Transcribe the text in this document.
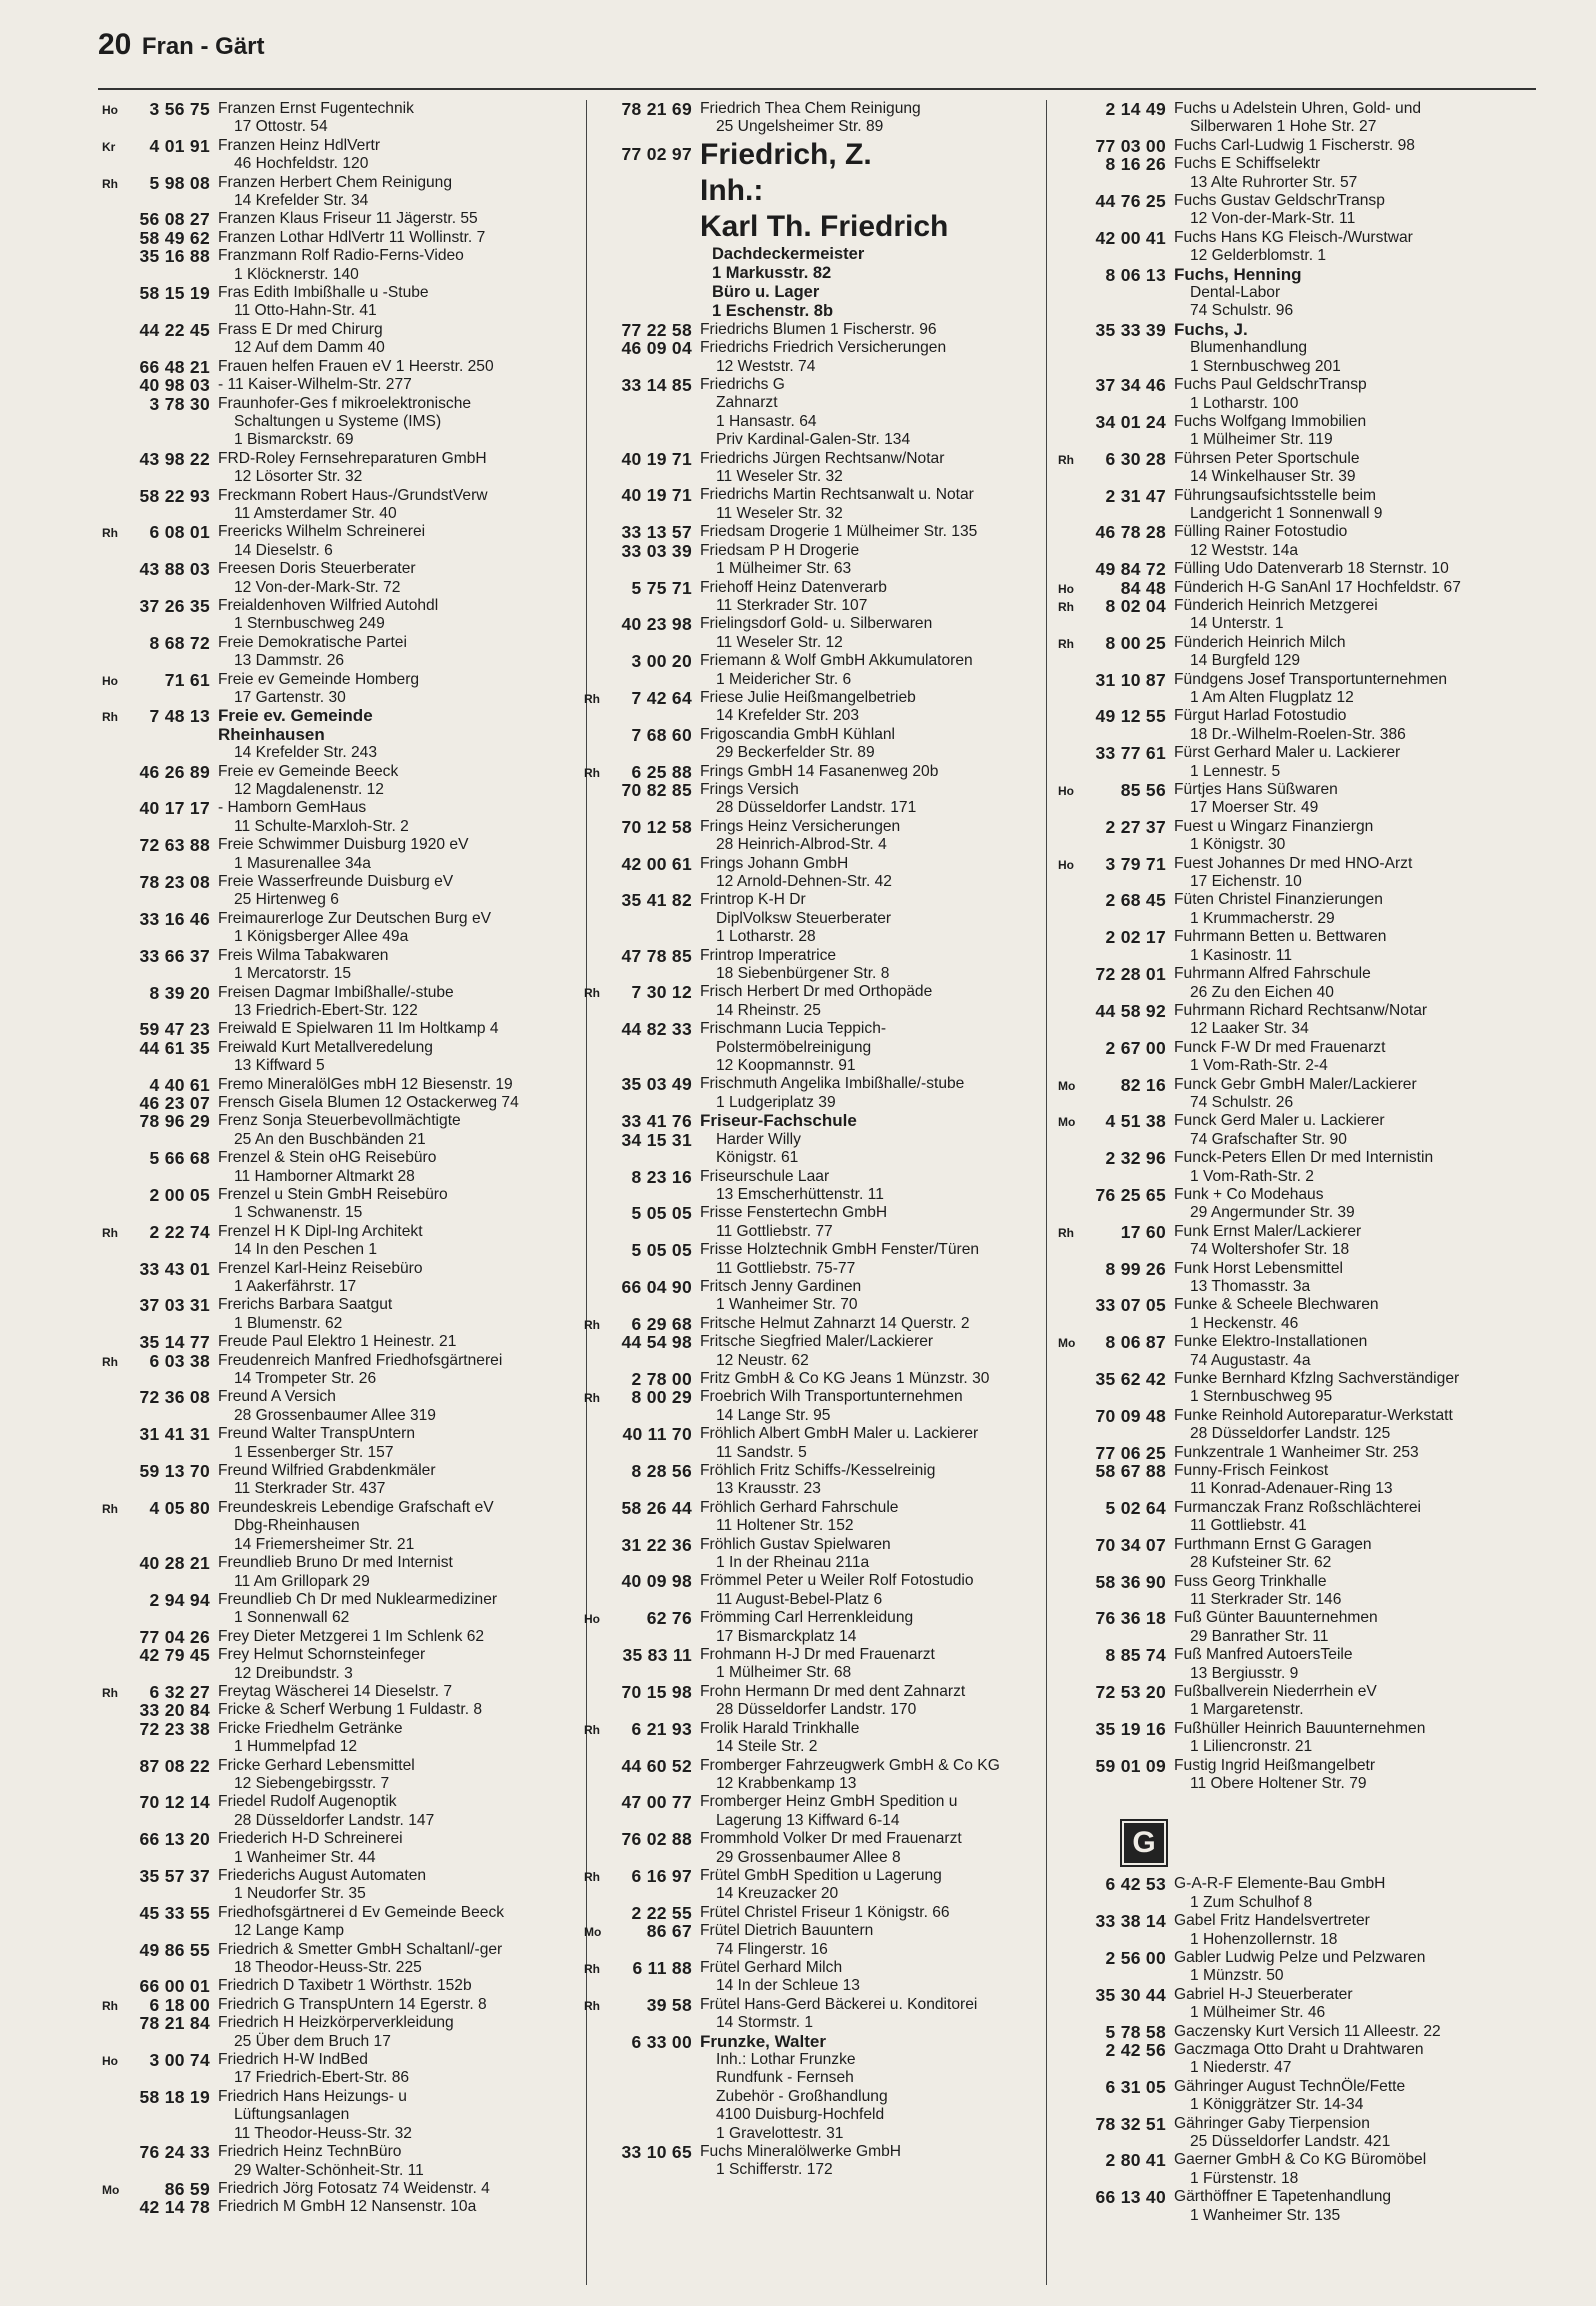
20 Fran - Gärt
Ho	3 56 75 Franzen Ernst Fugentechnik
17 Ottostr. 54
Kr	4 01 91 Franzen Heinz HdlVertr
46 Hochfeldstr. 120
Rh	5 98 08 Franzen Herbert Chem Reinigung
14 Krefelder Str. 34
56 08 27 Franzen Klaus Friseur 11 Jägerstr. 55
58 49 62 Franzen Lothar HdlVertr 11 Wollinstr. 7
35 16 88 Franzmann Rolf Radio-Ferns-Video
1 Klöcknerstr. 140
58 15 19 Fras Edith Imbißhalle u -Stube
11 Otto-Hahn-Str. 41
44 22 45 Frass E Dr med Chirurg
12 Auf dem Damm 40
66 48 21 Frauen helfen Frauen eV 1 Heerstr. 250
40 98 03 - 11 Kaiser-Wilhelm-Str. 277
3 78 30 Fraunhofer-Ges f mikroelektronische
Schaltungen u Systeme (IMS)
1 Bismarckstr. 69
43 98 22 FRD-Roley Fernsehreparaturen GmbH
12 Lösorter Str. 32
58 22 93 Freckmann Robert Haus-/GrundstVerw
11 Amsterdamer Str. 40
Rh	6 08 01 Freericks Wilhelm Schreinerei
14 Dieselstr. 6
43 88 03 Freesen Doris Steuerberater
12 Von-der-Mark-Str. 72
37 26 35 Freialdenhoven Wilfried Autohdl
1 Sternbuschweg 249
8 68 72 Freie Demokratische Partei
13 Dammstr. 26
Ho	71 61 Freie ev Gemeinde Homberg
17 Gartenstr. 30
Rh	7 48 13 Freie ev. Gemeinde
Rheinhausen
14 Krefelder Str. 243
46 26 89 Freie ev Gemeinde Beeck
12 Magdalenenstr. 12
40 17 17 - Hamborn GemHaus
11 Schulte-Marxloh-Str. 2
72 63 88 Freie Schwimmer Duisburg 1920 eV
1 Masurenallee 34a
78 23 08 Freie Wasserfreunde Duisburg eV
25 Hirtenweg 6
33 16 46 Freimaurerloge Zur Deutschen Burg eV
1 Königsberger Allee 49a
33 66 37 Freis Wilma Tabakwaren
1 Mercatorstr. 15
8 39 20 Freisen Dagmar Imbißhalle/-stube
13 Friedrich-Ebert-Str. 122
59 47 23 Freiwald E Spielwaren 11 Im Holtkamp 4
44 61 35 Freiwald Kurt Metallveredelung
13 Kiffward 5
4 40 61 Fremo MineralölGes mbH 12 Biesenstr. 19
46 23 07 Frensch Gisela Blumen 12 Ostackerweg 74
78 96 29 Frenz Sonja Steuerbevollmächtigte
25 An den Buschbänden 21
5 66 68 Frenzel & Stein oHG Reisebüro
11 Hamborner Altmarkt 28
2 00 05 Frenzel u Stein GmbH Reisebüro
1 Schwanenstr. 15
Rh	2 22 74 Frenzel H K Dipl-Ing Architekt
14 In den Peschen 1
33 43 01 Frenzel Karl-Heinz Reisebüro
1 Aakerfährstr. 17
37 03 31 Frerichs Barbara Saatgut
1 Blumenstr. 62
35 14 77 Freude Paul Elektro 1 Heinestr. 21
Rh	6 03 38 Freudenreich Manfred Friedhofsgärtnerei
14 Trompeter Str. 26
72 36 08 Freund A Versich
28 Grossenbaumer Allee 319
31 41 31 Freund Walter TranspUntern
1 Essenberger Str. 157
59 13 70 Freund Wilfried Grabdenkmäler
11 Sterkrader Str. 437
Rh	4 05 80 Freundeskreis Lebendige Grafschaft eV
Dbg-Rheinhausen
14 Friemersheimer Str. 21
40 28 21 Freundlieb Bruno Dr med Internist
11 Am Grillopark 29
2 94 94 Freundlieb Ch Dr med Nuklearmediziner
1 Sonnenwall 62
77 04 26 Frey Dieter Metzgerei 1 Im Schlenk 62
42 79 45 Frey Helmut Schornsteinfeger
12 Dreibundstr. 3
Rh	6 32 27 Freytag Wäscherei 14 Dieselstr. 7
33 20 84 Fricke & Scherf Werbung 1 Fuldastr. 8
72 23 38 Fricke Friedhelm Getränke
1 Hummelpfad 12
87 08 22 Fricke Gerhard Lebensmittel
12 Siebengebirgsstr. 7
70 12 14 Friedel Rudolf Augenoptik
28 Düsseldorfer Landstr. 147
66 13 20 Friederich H-D Schreinerei
1 Wanheimer Str. 44
35 57 37 Friederichs August Automaten
1 Neudorfer Str. 35
45 33 55 Friedhofsgärtnerei d Ev Gemeinde Beeck
12 Lange Kamp
49 86 55 Friedrich & Smetter GmbH Schaltanl/-ger
18 Theodor-Heuss-Str. 225
66 00 01 Friedrich D Taxibetr 1 Wörthstr. 152b
Rh	6 18 00 Friedrich G TranspUntern 14 Egerstr. 8
78 21 84 Friedrich H Heizkörperverkleidung
25 Über dem Bruch 17
Ho	3 00 74 Friedrich H-W IndBed
17 Friedrich-Ebert-Str. 86
58 18 19 Friedrich Hans Heizungs- u
Lüftungsanlagen
11 Theodor-Heuss-Str. 32
76 24 33 Friedrich Heinz TechnBüro
29 Walter-Schönheit-Str. 11
Mo	86 59 Friedrich Jörg Fotosatz 74 Weidenstr. 4
42 14 78 Friedrich M GmbH 12 Nansenstr. 10a
78 21 69 Friedrich Thea Chem Reinigung
25 Ungelsheimer Str. 89
77 02 97 Friedrich, Z.
Inh.:
Karl Th. Friedrich
Dachdeckermeister
1 Markusstr. 82
Büro u. Lager
1 Eschenstr. 8b
77 22 58 Friedrichs Blumen 1 Fischerstr. 96
46 09 04 Friedrichs Friedrich Versicherungen
12 Weststr. 74
33 14 85 Friedrichs G
Zahnarzt
1 Hansastr. 64
Priv Kardinal-Galen-Str. 134
40 19 71 Friedrichs Jürgen Rechtsanw/Notar
11 Weseler Str. 32
40 19 71 Friedrichs Martin Rechtsanwalt u. Notar
11 Weseler Str. 32
33 13 57 Friedsam Drogerie 1 Mülheimer Str. 135
33 03 39 Friedsam P H Drogerie
1 Mülheimer Str. 63
5 75 71 Friehoff Heinz Datenverarb
11 Sterkrader Str. 107
40 23 98 Frielingsdorf Gold- u. Silberwaren
11 Weseler Str. 12
3 00 20 Friemann & Wolf GmbH Akkumulatoren
1 Meidericher Str. 6
Rh	7 42 64 Friese Julie Heißmangelbetrieb
14 Krefelder Str. 203
7 68 60 Frigoscandia GmbH Kühlanl
29 Beckerfelder Str. 89
Rh	6 25 88 Frings GmbH 14 Fasanenweg 20b
70 82 85 Frings Versich
28 Düsseldorfer Landstr. 171
70 12 58 Frings Heinz Versicherungen
28 Heinrich-Albrod-Str. 4
42 00 61 Frings Johann GmbH
12 Arnold-Dehnen-Str. 42
35 41 82 Frintrop K-H Dr
DiplVolksw Steuerberater
1 Lotharstr. 28
47 78 85 Frintrop Imperatrice
18 Siebenbürgener Str. 8
Rh	7 30 12 Frisch Herbert Dr med Orthopäde
14 Rheinstr. 25
44 82 33 Frischmann Lucia Teppich-
Polstermöbelreinigung
12 Koopmannstr. 91
35 03 49 Frischmuth Angelika Imbißhalle/-stube
1 Ludgeriplatz 39
33 41 76 Friseur-Fachschule
34 15 31	Harder Willy
Königstr. 61
8 23 16 Friseurschule Laar
13 Emscherhüttenstr. 11
5 05 05 Frisse Fenstertechn GmbH
11 Gottliebstr. 77
5 05 05 Frisse Holztechnik GmbH Fenster/Türen
11 Gottliebstr. 75-77
66 04 90 Fritsch Jenny Gardinen
1 Wanheimer Str. 70
Rh	6 29 68 Fritsche Helmut Zahnarzt 14 Querstr. 2
44 54 98 Fritsche Siegfried Maler/Lackierer
12 Neustr. 62
2 78 00 Fritz GmbH & Co KG Jeans 1 Münzstr. 30
Rh	8 00 29 Froebrich Wilh Transportunternehmen
14 Lange Str. 95
40 11 70 Fröhlich Albert GmbH Maler u. Lackierer
11 Sandstr. 5
8 28 56 Fröhlich Fritz Schiffs-/Kesselreinig
13 Krausstr. 23
58 26 44 Fröhlich Gerhard Fahrschule
11 Holtener Str. 152
31 22 36 Fröhlich Gustav Spielwaren
1 In der Rheinau 211a
40 09 98 Frömmel Peter u Weiler Rolf Fotostudio
11 August-Bebel-Platz 6
Ho	62 76 Frömming Carl Herrenkleidung
17 Bismarckplatz 14
35 83 11 Frohmann H-J Dr med Frauenarzt
1 Mülheimer Str. 68
70 15 98 Frohn Hermann Dr med dent Zahnarzt
28 Düsseldorfer Landstr. 170
Rh	6 21 93 Frolik Harald Trinkhalle
14 Steile Str. 2
44 60 52 Fromberger Fahrzeugwerk GmbH & Co KG
12 Krabbenkamp 13
47 00 77 Fromberger Heinz GmbH Spedition u
Lagerung 13 Kiffward 6-14
76 02 88 Frommhold Volker Dr med Frauenarzt
29 Grossenbaumer Allee 8
Rh	6 16 97 Frütel GmbH Spedition u Lagerung
14 Kreuzacker 20
2 22 55 Frütel Christel Friseur 1 Königstr. 66
Mo	86 67 Frütel Dietrich Bauuntern
74 Flingerstr. 16
Rh	6 11 88 Frütel Gerhard Milch
14 In der Schleue 13
Rh	39 58 Frütel Hans-Gerd Bäckerei u. Konditorei
14 Stormstr. 1
6 33 00 Frunzke, Walter
Inh.: Lothar Frunzke
Rundfunk - Fernseh
Zubehör - Großhandlung
4100 Duisburg-Hochfeld
1 Gravelottestr. 31
33 10 65 Fuchs Mineralölwerke GmbH
1 Schifferstr. 172
2 14 49 Fuchs u Adelstein Uhren, Gold- und
Silberwaren 1 Hohe Str. 27
77 03 00 Fuchs Carl-Ludwig 1 Fischerstr. 98
8 16 26 Fuchs E Schiffselektr
13 Alte Ruhrorter Str. 57
44 76 25 Fuchs Gustav GeldschrTransp
12 Von-der-Mark-Str. 11
42 00 41 Fuchs Hans KG Fleisch-/Wurstwar
12 Gelderblomstr. 1
8 06 13 Fuchs, Henning
Dental-Labor
74 Schulstr. 96
35 33 39 Fuchs, J.
Blumenhandlung
1 Sternbuschweg 201
37 34 46 Fuchs Paul GeldschrTransp
1 Lotharstr. 100
34 01 24 Fuchs Wolfgang Immobilien
1 Mülheimer Str. 119
Rh	6 30 28 Führsen Peter Sportschule
14 Winkelhauser Str. 39
2 31 47 Führungsaufsichtsstelle beim
Landgericht 1 Sonnenwall 9
46 78 28 Fülling Rainer Fotostudio
12 Weststr. 14a
49 84 72 Fülling Udo Datenverarb 18 Sternstr. 10
Ho	84 48 Fünderich H-G SanAnl 17 Hochfeldstr. 67
Rh	8 02 04 Fünderich Heinrich Metzgerei
14 Unterstr. 1
Rh	8 00 25 Fünderich Heinrich Milch
14 Burgfeld 129
31 10 87 Fündgens Josef Transportunternehmen
1 Am Alten Flugplatz 12
49 12 55 Fürgut Harlad Fotostudio
18 Dr.-Wilhelm-Roelen-Str. 386
33 77 61 Fürst Gerhard Maler u. Lackierer
1 Lennestr. 5
Ho	85 56 Fürtjes Hans Süßwaren
17 Moerser Str. 49
2 27 37 Fuest u Wingarz Finanziergn
1 Königstr. 30
Ho	3 79 71 Fuest Johannes Dr med HNO-Arzt
17 Eichenstr. 10
2 68 45 Füten Christel Finanzierungen
1 Krummacherstr. 29
2 02 17 Fuhrmann Betten u. Bettwaren
1 Kasinostr. 11
72 28 01 Fuhrmann Alfred Fahrschule
26 Zu den Eichen 40
44 58 92 Fuhrmann Richard Rechtsanw/Notar
12 Laaker Str. 34
2 67 00 Funck F-W Dr med Frauenarzt
1 Vom-Rath-Str. 2-4
Mo	82 16 Funck Gebr GmbH Maler/Lackierer
74 Schulstr. 26
Mo	4 51 38 Funck Gerd Maler u. Lackierer
74 Grafschafter Str. 90
2 32 96 Funck-Peters Ellen Dr med Internistin
1 Vom-Rath-Str. 2
76 25 65 Funk + Co Modehaus
29 Angermunder Str. 39
Rh	17 60 Funk Ernst Maler/Lackierer
74 Woltershofer Str. 18
8 99 26 Funk Horst Lebensmittel
13 Thomasstr. 3a
33 07 05 Funke & Scheele Blechwaren
1 Heckenstr. 46
Mo	8 06 87 Funke Elektro-Installationen
74 Augustastr. 4a
35 62 42 Funke Bernhard Kfzlng Sachverständiger
1 Sternbuschweg 95
70 09 48 Funke Reinhold Autoreparatur-Werkstatt
28 Düsseldorfer Landstr. 125
77 06 25 Funkzentrale 1 Wanheimer Str. 253
58 67 88 Funny-Frisch Feinkost
11 Konrad-Adenauer-Ring 13
5 02 64 Furmanczak Franz Roßschlächterei
11 Gottliebstr. 41
70 34 07 Furthmann Ernst G Garagen
28 Kufsteiner Str. 62
58 36 90 Fuss Georg Trinkhalle
11 Sterkrader Str. 146
76 36 18 Fuß Günter Bauunternehmen
29 Banrather Str. 11
8 85 74 Fuß Manfred AutoersTeile
13 Bergiusstr. 9
72 53 20 Fußballverein Niederrhein eV
1 Margaretenstr.
35 19 16 Fußhüller Heinrich Bauunternehmen
1 Liliencronstr. 21
59 01 09 Fustig Ingrid Heißmangelbetr
11 Obere Holtener Str. 79
G
6 42 53 G-A-R-F Elemente-Bau GmbH
1 Zum Schulhof 8
33 38 14 Gabel Fritz Handelsvertreter
1 Hohenzollernstr. 18
2 56 00 Gabler Ludwig Pelze und Pelzwaren
1 Münzstr. 50
35 30 44 Gabriel H-J Steuerberater
1 Mülheimer Str. 46
5 78 58 Gaczensky Kurt Versich 11 Alleestr. 22
2 42 56 Gaczmaga Otto Draht u Drahtwaren
1 Niederstr. 47
6 31 05 Gähringer August TechnÖle/Fette
1 Königgrätzer Str. 14-34
78 32 51 Gähringer Gaby Tierpension
25 Düsseldorfer Landstr. 421
2 80 41 Gaerner GmbH & Co KG Büromöbel
1 Fürstenstr. 18
66 13 40 Gärthöffner E Tapetenhandlung
1 Wanheimer Str. 135
